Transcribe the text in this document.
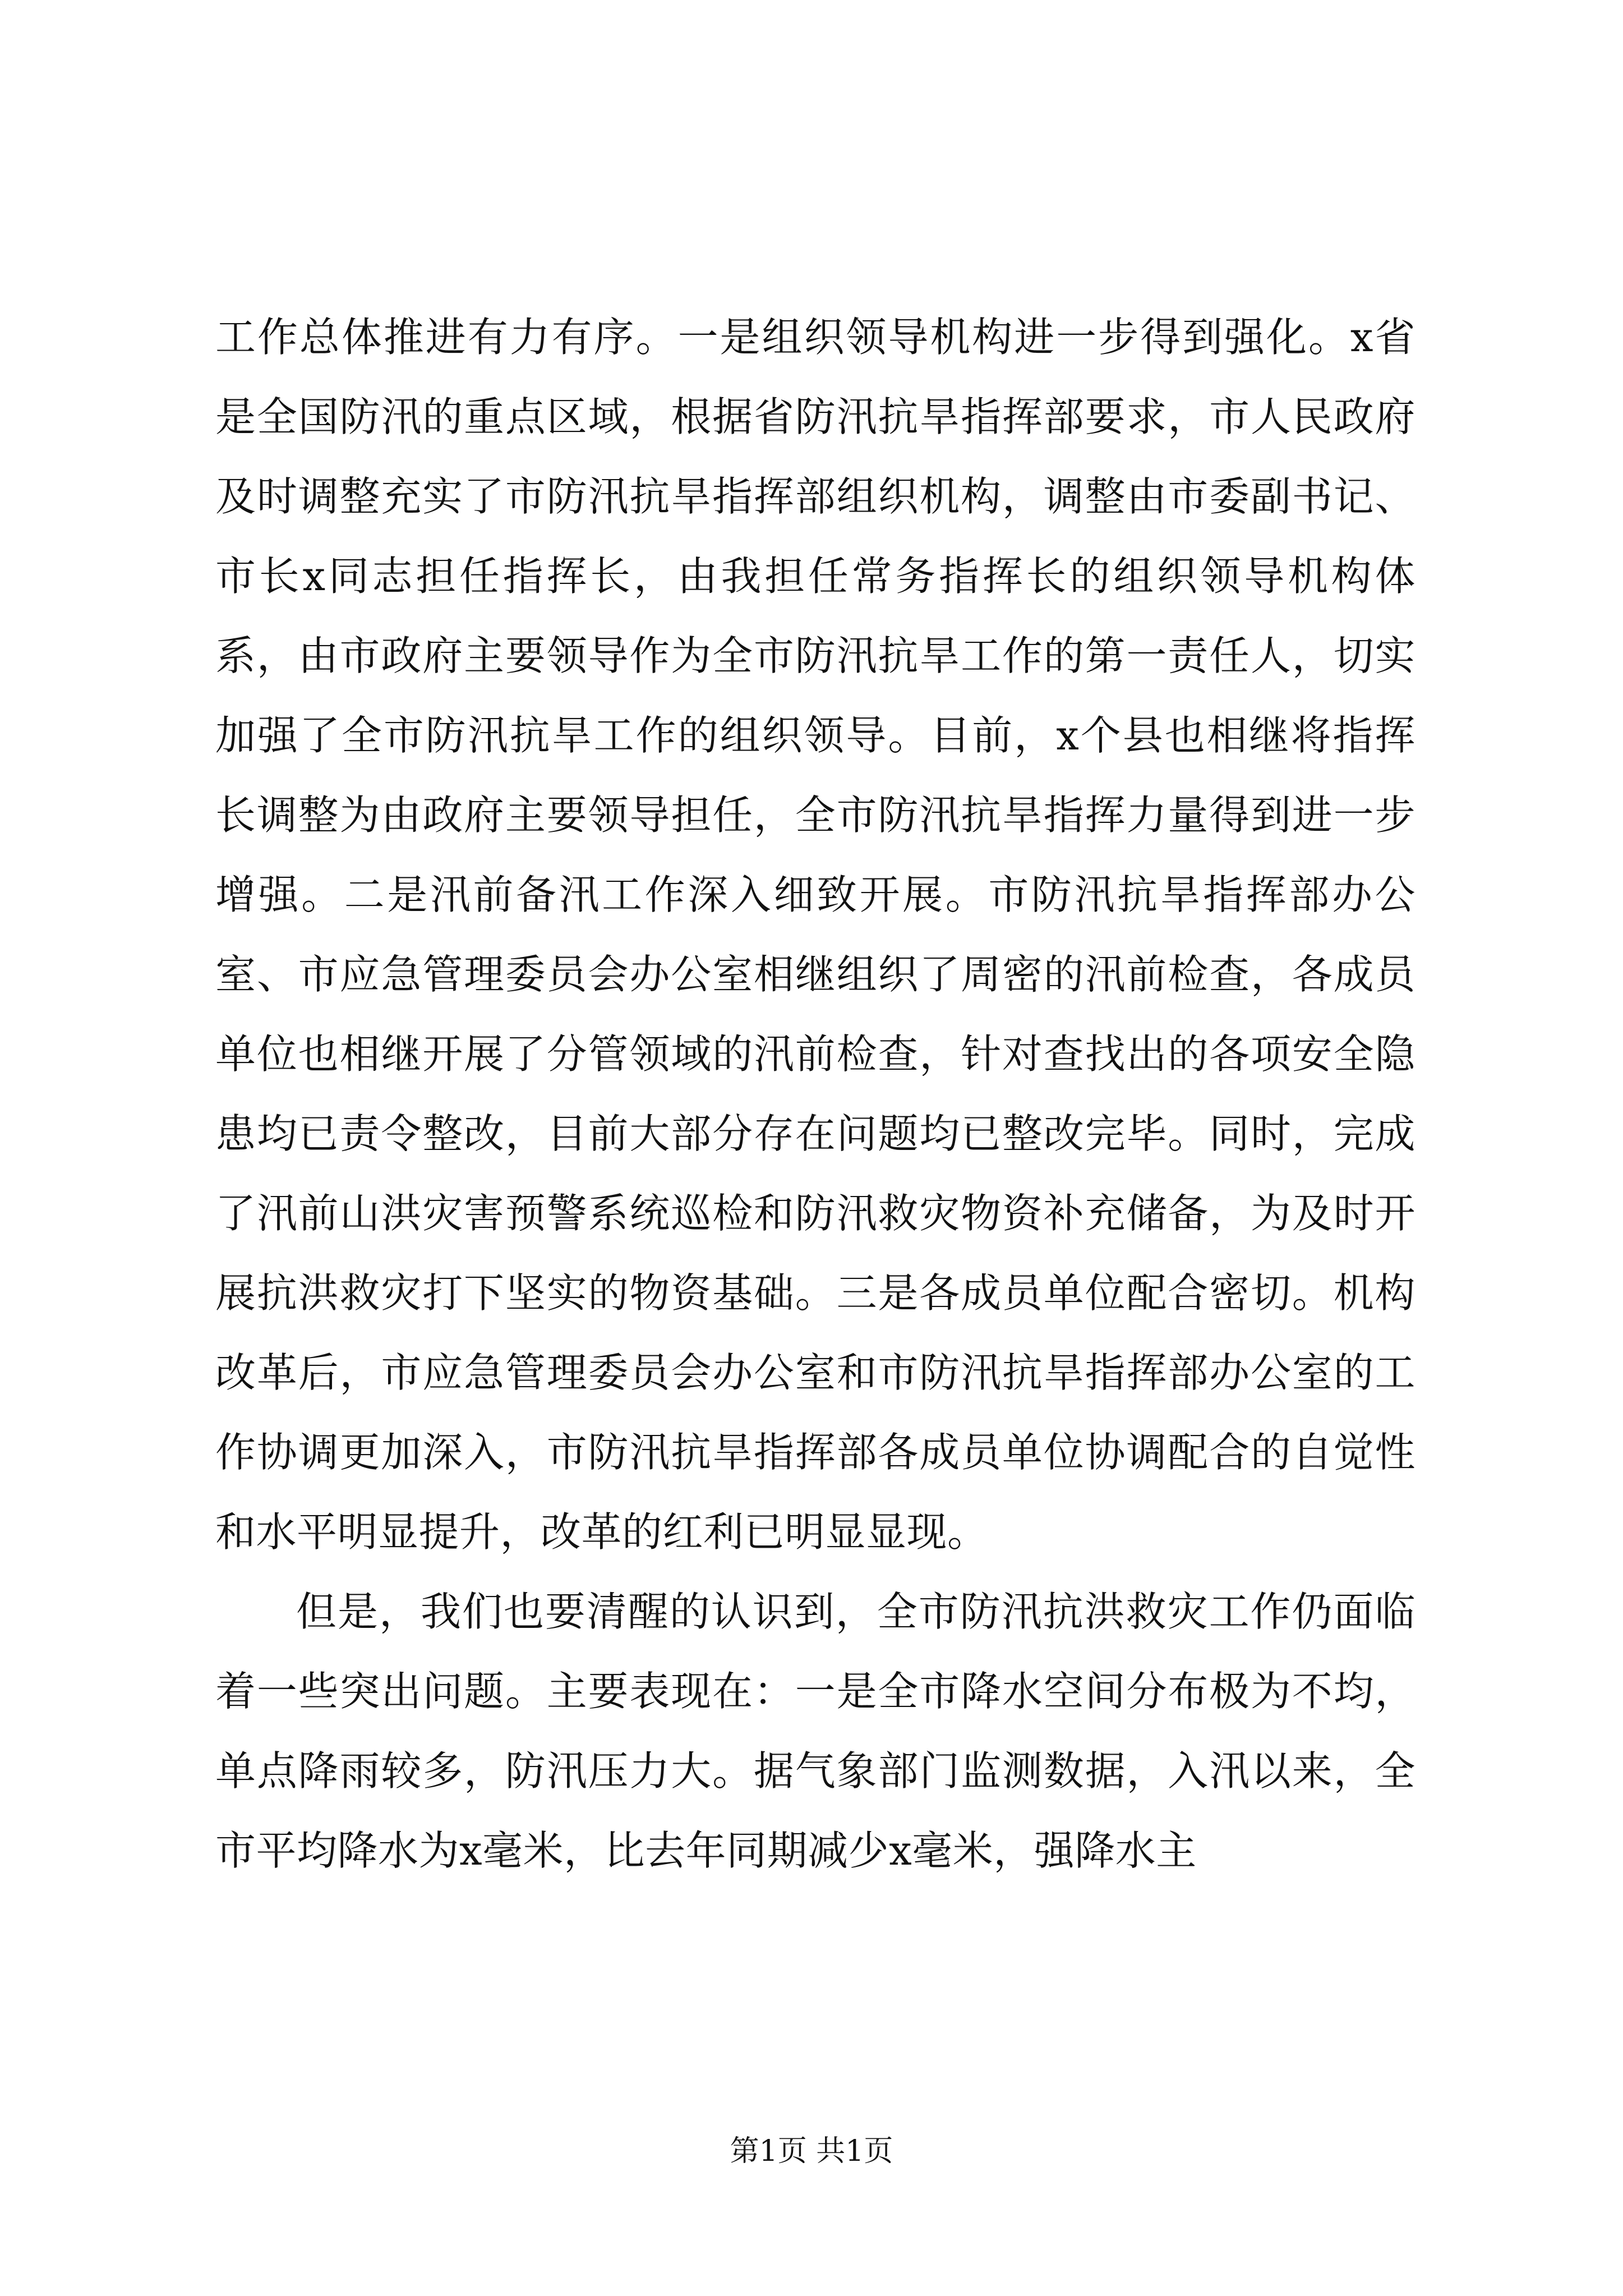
工作总体推进有力有序。一是组织领导机构进一步得到强化。x省是全国防汛的重点区域，根据省防汛抗旱指挥部要求，市人民政府及时调整充实了市防汛抗旱指挥部组织机构，调整由市委副书记、市长x同志担任指挥长，由我担任常务指挥长的组织领导机构体系，由市政府主要领导作为全市防汛抗旱工作的第一责任人，切实加强了全市防汛抗旱工作的组织领导。目前，x个县也相继将指挥长调整为由政府主要领导担任，全市防汛抗旱指挥力量得到进一步增强。二是汛前备汛工作深入细致开展。市防汛抗旱指挥部办公室、市应急管理委员会办公室相继组织了周密的汛前检查，各成员单位也相继开展了分管领域的汛前检查，针对查找出的各项安全隐患均已责令整改，目前大部分存在问题均已整改完毕。同时，完成了汛前山洪灾害预警系统巡检和防汛救灾物资补充储备，为及时开展抗洪救灾打下坚实的物资基础。三是各成员单位配合密切。机构改革后，市应急管理委员会办公室和市防汛抗旱指挥部办公室的工作协调更加深入，市防汛抗旱指挥部各成员单位协调配合的自觉性和水平明显提升，改革的红利已明显显现。

但是，我们也要清醒的认识到，全市防汛抗洪救灾工作仍面临着一些突出问题。主要表现在：一是全市降水空间分布极为不均，单点降雨较多，防汛压力大。据气象部门监测数据，入汛以来，全市平均降水为x毫米，比去年同期减少x毫米，强降水主

第1页 共1页
